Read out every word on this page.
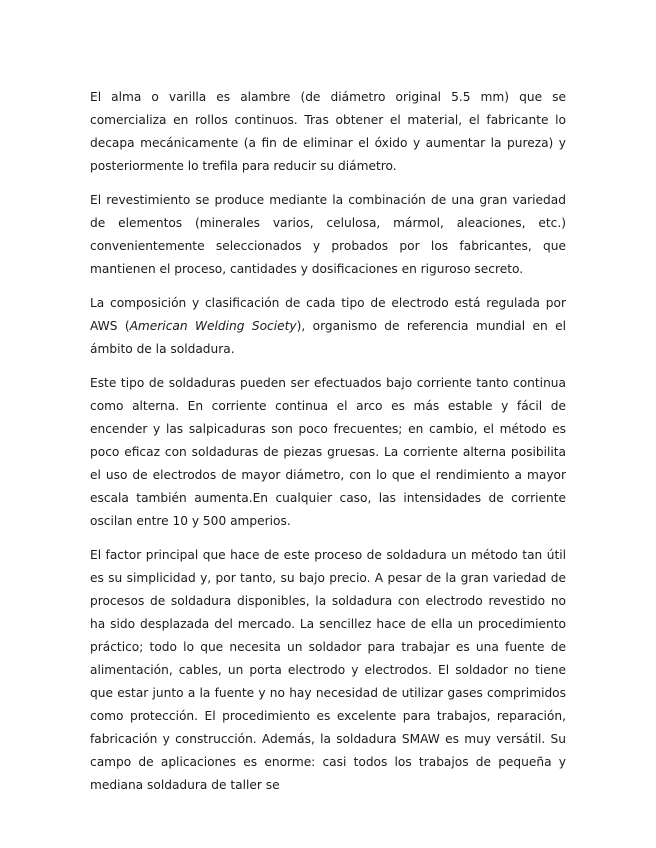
El alma o varilla es alambre (de diámetro original 5.5 mm) que se comercializa en rollos continuos. Tras obtener el material, el fabricante lo decapa mecánicamente (a fin de eliminar el óxido y aumentar la pureza) y posteriormente lo trefila para reducir su diámetro.

El revestimiento se produce mediante la combinación de una gran variedad de elementos (minerales varios, celulosa, mármol, aleaciones, etc.) convenientemente seleccionados y probados por los fabricantes, que mantienen el proceso, cantidades y dosificaciones en riguroso secreto.

La composición y clasificación de cada tipo de electrodo está regulada por AWS (American Welding Society), organismo de referencia mundial en el ámbito de la soldadura.

Este tipo de soldaduras pueden ser efectuados bajo corriente tanto continua como alterna. En corriente continua el arco es más estable y fácil de encender y las salpicaduras son poco frecuentes; en cambio, el método es poco eficaz con soldaduras de piezas gruesas. La corriente alterna posibilita el uso de electrodos de mayor diámetro, con lo que el rendimiento a mayor escala también aumenta.En cualquier caso, las intensidades de corriente oscilan entre 10 y 500 amperios.

El factor principal que hace de este proceso de soldadura un método tan útil es su simplicidad y, por tanto, su bajo precio. A pesar de la gran variedad de procesos de soldadura disponibles, la soldadura con electrodo revestido no ha sido desplazada del mercado. La sencillez hace de ella un procedimiento práctico; todo lo que necesita un soldador para trabajar es una fuente de alimentación, cables, un porta electrodo y electrodos. El soldador no tiene que estar junto a la fuente y no hay necesidad de utilizar gases comprimidos como protección. El procedimiento es excelente para trabajos, reparación, fabricación y construcción. Además, la soldadura SMAW es muy versátil. Su campo de aplicaciones es enorme: casi todos los trabajos de pequeña y mediana soldadura de taller se
